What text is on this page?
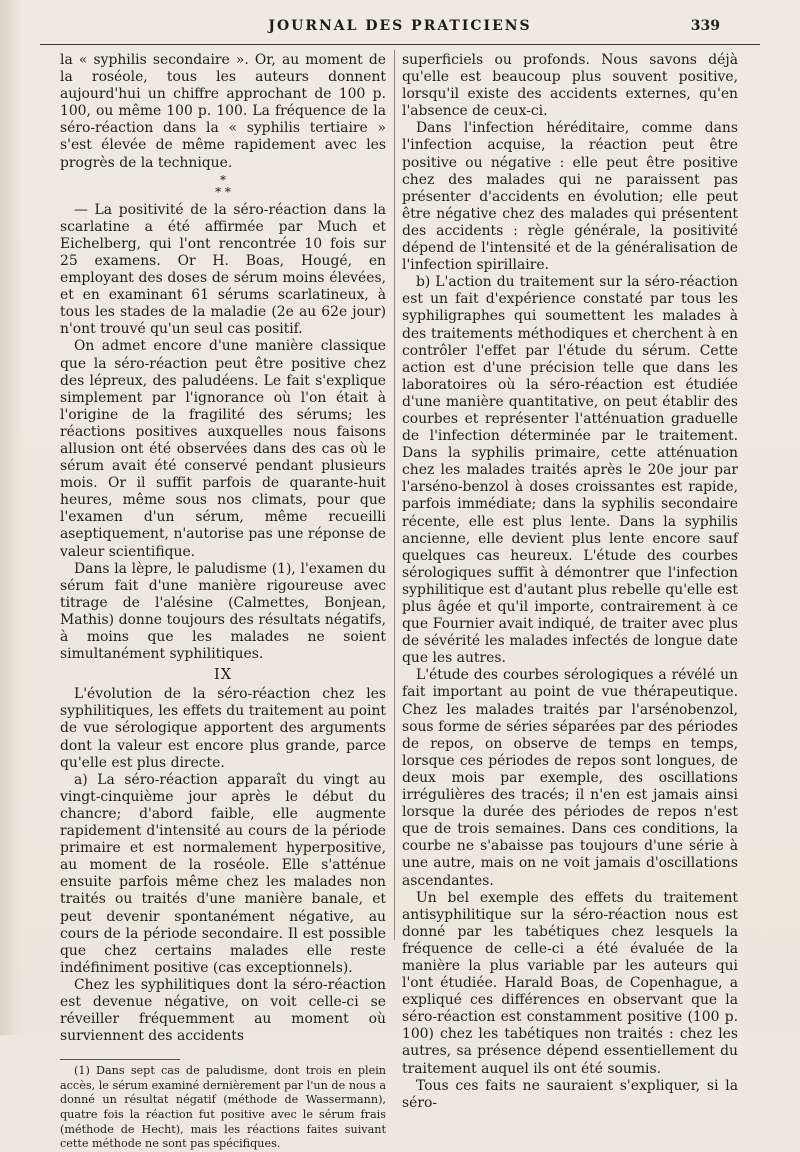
JOURNAL DES PRATICIENS	339

la « syphilis secondaire ». Or, au moment de la roséole, tous les auteurs donnent aujourd'hui un chiffre approchant de 100 p. 100, ou même 100 p. 100. La fréquence de la séro-réaction dans la « syphilis tertiaire » s'est élevée de même rapidement avec les progrès de la technique.

*
* *

— La positivité de la séro-réaction dans la scarlatine a été affirmée par Much et Eichelberg, qui l'ont rencontrée 10 fois sur 25 examens. Or H. Boas, Hougé, en employant des doses de sérum moins élevées, et en examinant 61 sérums scarlatineux, à tous les stades de la maladie (2e au 62e jour) n'ont trouvé qu'un seul cas positif.

On admet encore d'une manière classique que la séro-réaction peut être positive chez des lépreux, des paludéens. Le fait s'explique simplement par l'ignorance où l'on était à l'origine de la fragilité des sérums; les réactions positives auxquelles nous faisons allusion ont été observées dans des cas où le sérum avait été conservé pendant plusieurs mois. Or il suffit parfois de quarante-huit heures, même sous nos climats, pour que l'examen d'un sérum, même recueilli aseptiquement, n'autorise pas une réponse de valeur scientifique.

Dans la lèpre, le paludisme (1), l'examen du sérum fait d'une manière rigoureuse avec titrage de l'alésine (Calmettes, Bonjean, Mathis) donne toujours des résultats négatifs, à moins que les malades ne soient simultanément syphilitiques.

IX

L'évolution de la séro-réaction chez les syphilitiques, les effets du traitement au point de vue sérologique apportent des arguments dont la valeur est encore plus grande, parce qu'elle est plus directe.

a) La séro-réaction apparaît du vingt au vingt-cinquième jour après le début du chancre; d'abord faible, elle augmente rapidement d'intensité au cours de la période primaire et est normalement hyperpositive, au moment de la roséole. Elle s'atténue ensuite parfois même chez les malades non traités ou traités d'une manière banale, et peut devenir spontanément négative, au cours de la période secondaire. Il est possible que chez certains malades elle reste indéfiniment positive (cas exceptionnels).

Chez les syphilitiques dont la séro-réaction est devenue négative, on voit celle-ci se réveiller fréquemment au moment où surviennent des accidents

(1) Dans sept cas de paludisme, dont trois en plein accès, le sérum examiné dernièrement par l'un de nous a donné un résultat négatif (méthode de Wassermann), quatre fois la réaction fut positive avec le sérum frais (méthode de Hecht), mais les réactions faites suivant cette méthode ne sont pas spécifiques.

superficiels ou profonds. Nous savons déjà qu'elle est beaucoup plus souvent positive, lorsqu'il existe des accidents externes, qu'en l'absence de ceux-ci.

Dans l'infection héréditaire, comme dans l'infection acquise, la réaction peut être positive ou négative : elle peut être positive chez des malades qui ne paraissent pas présenter d'accidents en évolution; elle peut être négative chez des malades qui présentent des accidents : règle générale, la positivité dépend de l'intensité et de la généralisation de l'infection spirillaire.

b) L'action du traitement sur la séro-réaction est un fait d'expérience constaté par tous les syphiligraphes qui soumettent les malades à des traitements méthodiques et cherchent à en contrôler l'effet par l'étude du sérum. Cette action est d'une précision telle que dans les laboratoires où la séro-réaction est étudiée d'une manière quantitative, on peut établir des courbes et représenter l'atténuation graduelle de l'infection déterminée par le traitement. Dans la syphilis primaire, cette atténuation chez les malades traités après le 20e jour par l'arséno-benzol à doses croissantes est rapide, parfois immédiate; dans la syphilis secondaire récente, elle est plus lente. Dans la syphilis ancienne, elle devient plus lente encore sauf quelques cas heureux. L'étude des courbes sérologiques suffit à démontrer que l'infection syphilitique est d'autant plus rebelle qu'elle est plus âgée et qu'il importe, contrairement à ce que Fournier avait indiqué, de traiter avec plus de sévérité les malades infectés de longue date que les autres.

L'étude des courbes sérologiques a révélé un fait important au point de vue thérapeutique. Chez les malades traités par l'arsénobenzol, sous forme de séries séparées par des périodes de repos, on observe de temps en temps, lorsque ces périodes de repos sont longues, de deux mois par exemple, des oscillations irrégulières des tracés; il n'en est jamais ainsi lorsque la durée des périodes de repos n'est que de trois semaines. Dans ces conditions, la courbe ne s'abaisse pas toujours d'une série à une autre, mais on ne voit jamais d'oscillations ascendantes.

Un bel exemple des effets du traitement antisyphilitique sur la séro-réaction nous est donné par les tabétiques chez lesquels la fréquence de celle-ci a été évaluée de la manière la plus variable par les auteurs qui l'ont étudiée. Harald Boas, de Copenhague, a expliqué ces différences en observant que la séro-réaction est constamment positive (100 p. 100) chez les tabétiques non traités : chez les autres, sa présence dépend essentiellement du traitement auquel ils ont été soumis.

Tous ces faits ne sauraient s'expliquer, si la séro-
